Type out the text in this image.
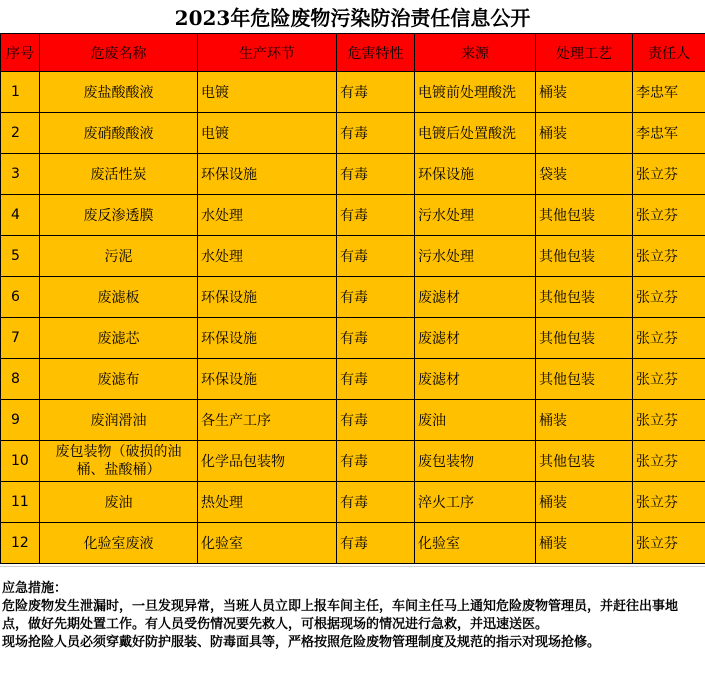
2023年危险废物污染防治责任信息公开
序号	危废名称	生产环节	危害特性	来源	处理工艺	责任人
1	废盐酸酸液	电镀	有毒	电镀前处理酸洗	桶装	李忠军
2	废硝酸酸液	电镀	有毒	电镀后处置酸洗	桶装	李忠军
3	废活性炭	环保设施	有毒	环保设施	袋装	张立芬
4	废反渗透膜	水处理	有毒	污水处理	其他包装	张立芬
5	污泥	水处理	有毒	污水处理	其他包装	张立芬
6	废滤板	环保设施	有毒	废滤材	其他包装	张立芬
7	废滤芯	环保设施	有毒	废滤材	其他包装	张立芬
8	废滤布	环保设施	有毒	废滤材	其他包装	张立芬
9	废润滑油	各生产工序	有毒	废油	桶装	张立芬
10	废包装物（破损的油桶、盐酸桶）	化学品包装物	有毒	废包装物	其他包装	张立芬
11	废油	热处理	有毒	淬火工序	桶装	张立芬
12	化验室废液	化验室	有毒	化验室	桶装	张立芬

应急措施：

危险废物发生泄漏时，一旦发现异常，当班人员立即上报车间主任，车间主任马上通知危险废物管理员，并赶往出事地点，做好先期处置工作。有人员受伤情况要先救人，可根据现场的情况进行急救，并迅速送医。

现场抢险人员必须穿戴好防护服装、防毒面具等，严格按照危险废物管理制度及规范的指示对现场抢修。
